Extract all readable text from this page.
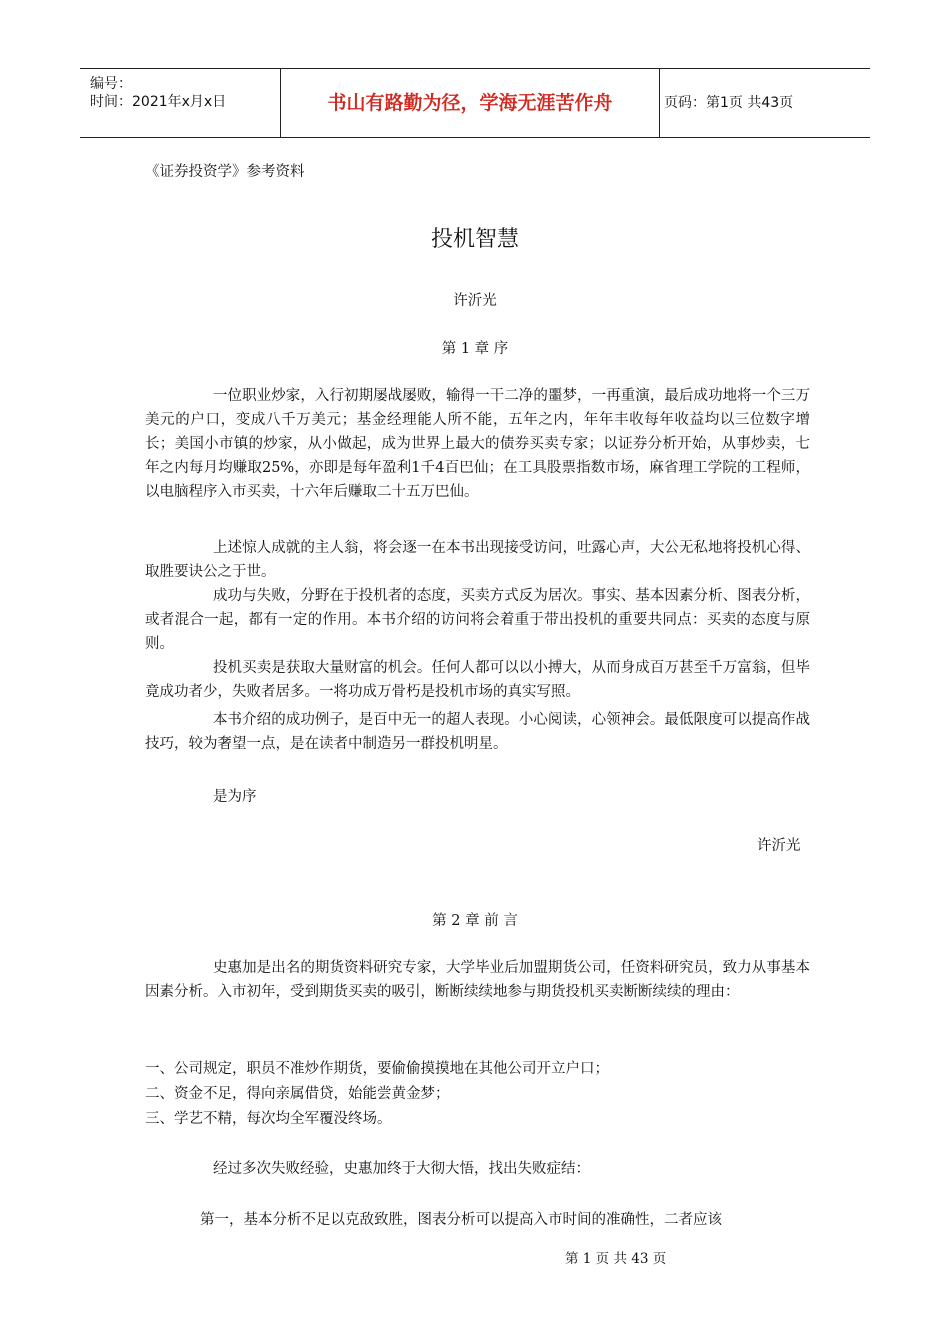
编号：
时间：2021年x月x日	书山有路勤为径，学海无涯苦作舟	页码：第1页 共43页
《证券投资学》参考资料
投机智慧
许沂光
第 1 章 序

一位职业炒家，入行初期屡战屡败，输得一干二净的噩梦，一再重演，最后成功地将一个三万美元的户口，变成八千万美元；基金经理能人所不能，五年之内，年年丰收每年收益均以三位数字增长；美国小市镇的炒家，从小做起，成为世界上最大的债券买卖专家；以证券分析开始，从事炒卖，七年之内每月均赚取25%，亦即是每年盈利1千4百巴仙；在工具股票指数市场，麻省理工学院的工程师，以电脑程序入市买卖，十六年后赚取二十五万巴仙。

上述惊人成就的主人翁，将会逐一在本书出现接受访问，吐露心声，大公无私地将投机心得、取胜要诀公之于世。

成功与失败，分野在于投机者的态度，买卖方式反为居次。事实、基本因素分析、图表分析，或者混合一起，都有一定的作用。本书介绍的访问将会着重于带出投机的重要共同点：买卖的态度与原则。

投机买卖是获取大量财富的机会。任何人都可以以小搏大，从而身成百万甚至千万富翁，但毕竟成功者少，失败者居多。一将功成万骨朽是投机市场的真实写照。

本书介绍的成功例子，是百中无一的超人表现。小心阅读，心领神会。最低限度可以提高作战技巧，较为奢望一点，是在读者中制造另一群投机明星。

是为序
许沂光
第 2 章 前 言

史惠加是出名的期货资料研究专家，大学毕业后加盟期货公司，任资料研究员，致力从事基本因素分析。入市初年，受到期货买卖的吸引，断断续续地参与期货投机买卖断断续续的理由：

一、公司规定，职员不准炒作期货，要偷偷摸摸地在其他公司开立户口；
二、资金不足，得向亲属借贷，始能尝黄金梦；
三、学艺不精，每次均全军覆没终场。
经过多次失败经验，史惠加终于大彻大悟，找出失败症结：
第一，基本分析不足以克敌致胜，图表分析可以提高入市时间的准确性，二者应该
第 1 页 共 43 页
